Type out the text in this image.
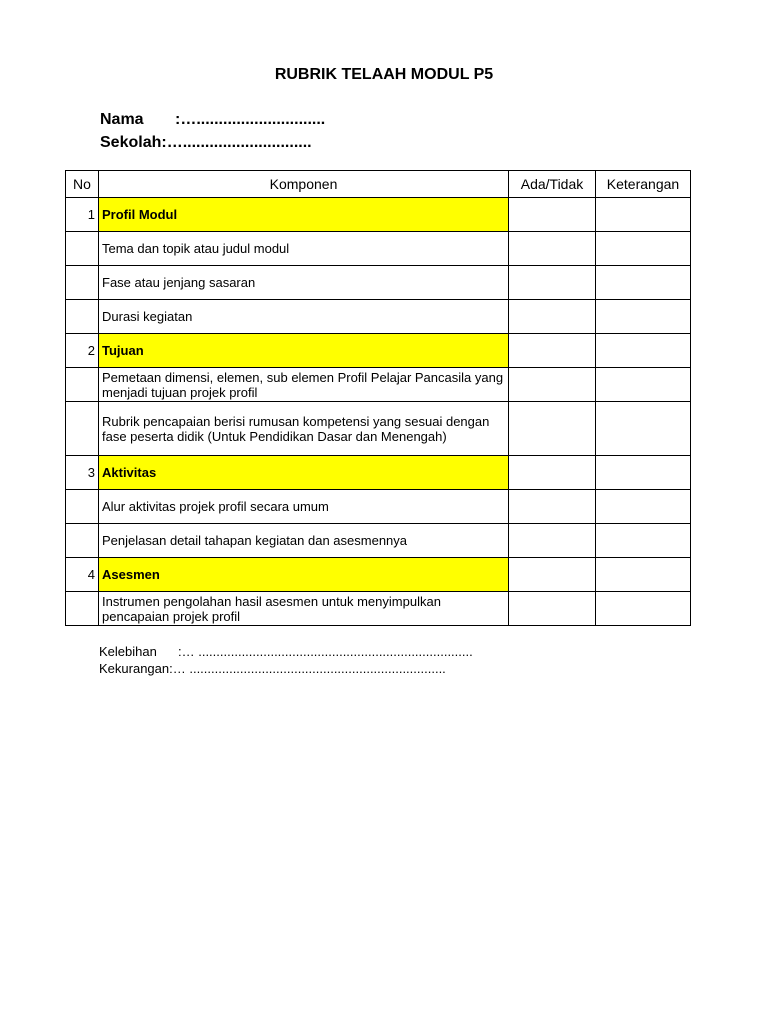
RUBRIK TELAAH MODUL P5
Nama :….............................
Sekolah:….............................
No	Komponen	Ada/Tidak	Keterangan
1	Profil Modul		
	Tema dan topik atau judul modul		
	Fase atau jenjang sasaran		
	Durasi kegiatan		
2	Tujuan		
	Pemetaan dimensi, elemen, sub elemen Profil Pelajar Pancasila yang menjadi tujuan projek profil		
	Rubrik pencapaian berisi rumusan kompetensi yang sesuai dengan fase peserta didik (Untuk Pendidikan Dasar dan Menengah)		
3	Aktivitas		
	Alur aktivitas projek profil secara umum		
	Penjelasan detail tahapan kegiatan dan asesmennya		
4	Asesmen		
	Instrumen pengolahan hasil asesmen untuk menyimpulkan pencapaian projek profil		
Kelebihan :… ............................................................................
Kekurangan:… .......................................................................
